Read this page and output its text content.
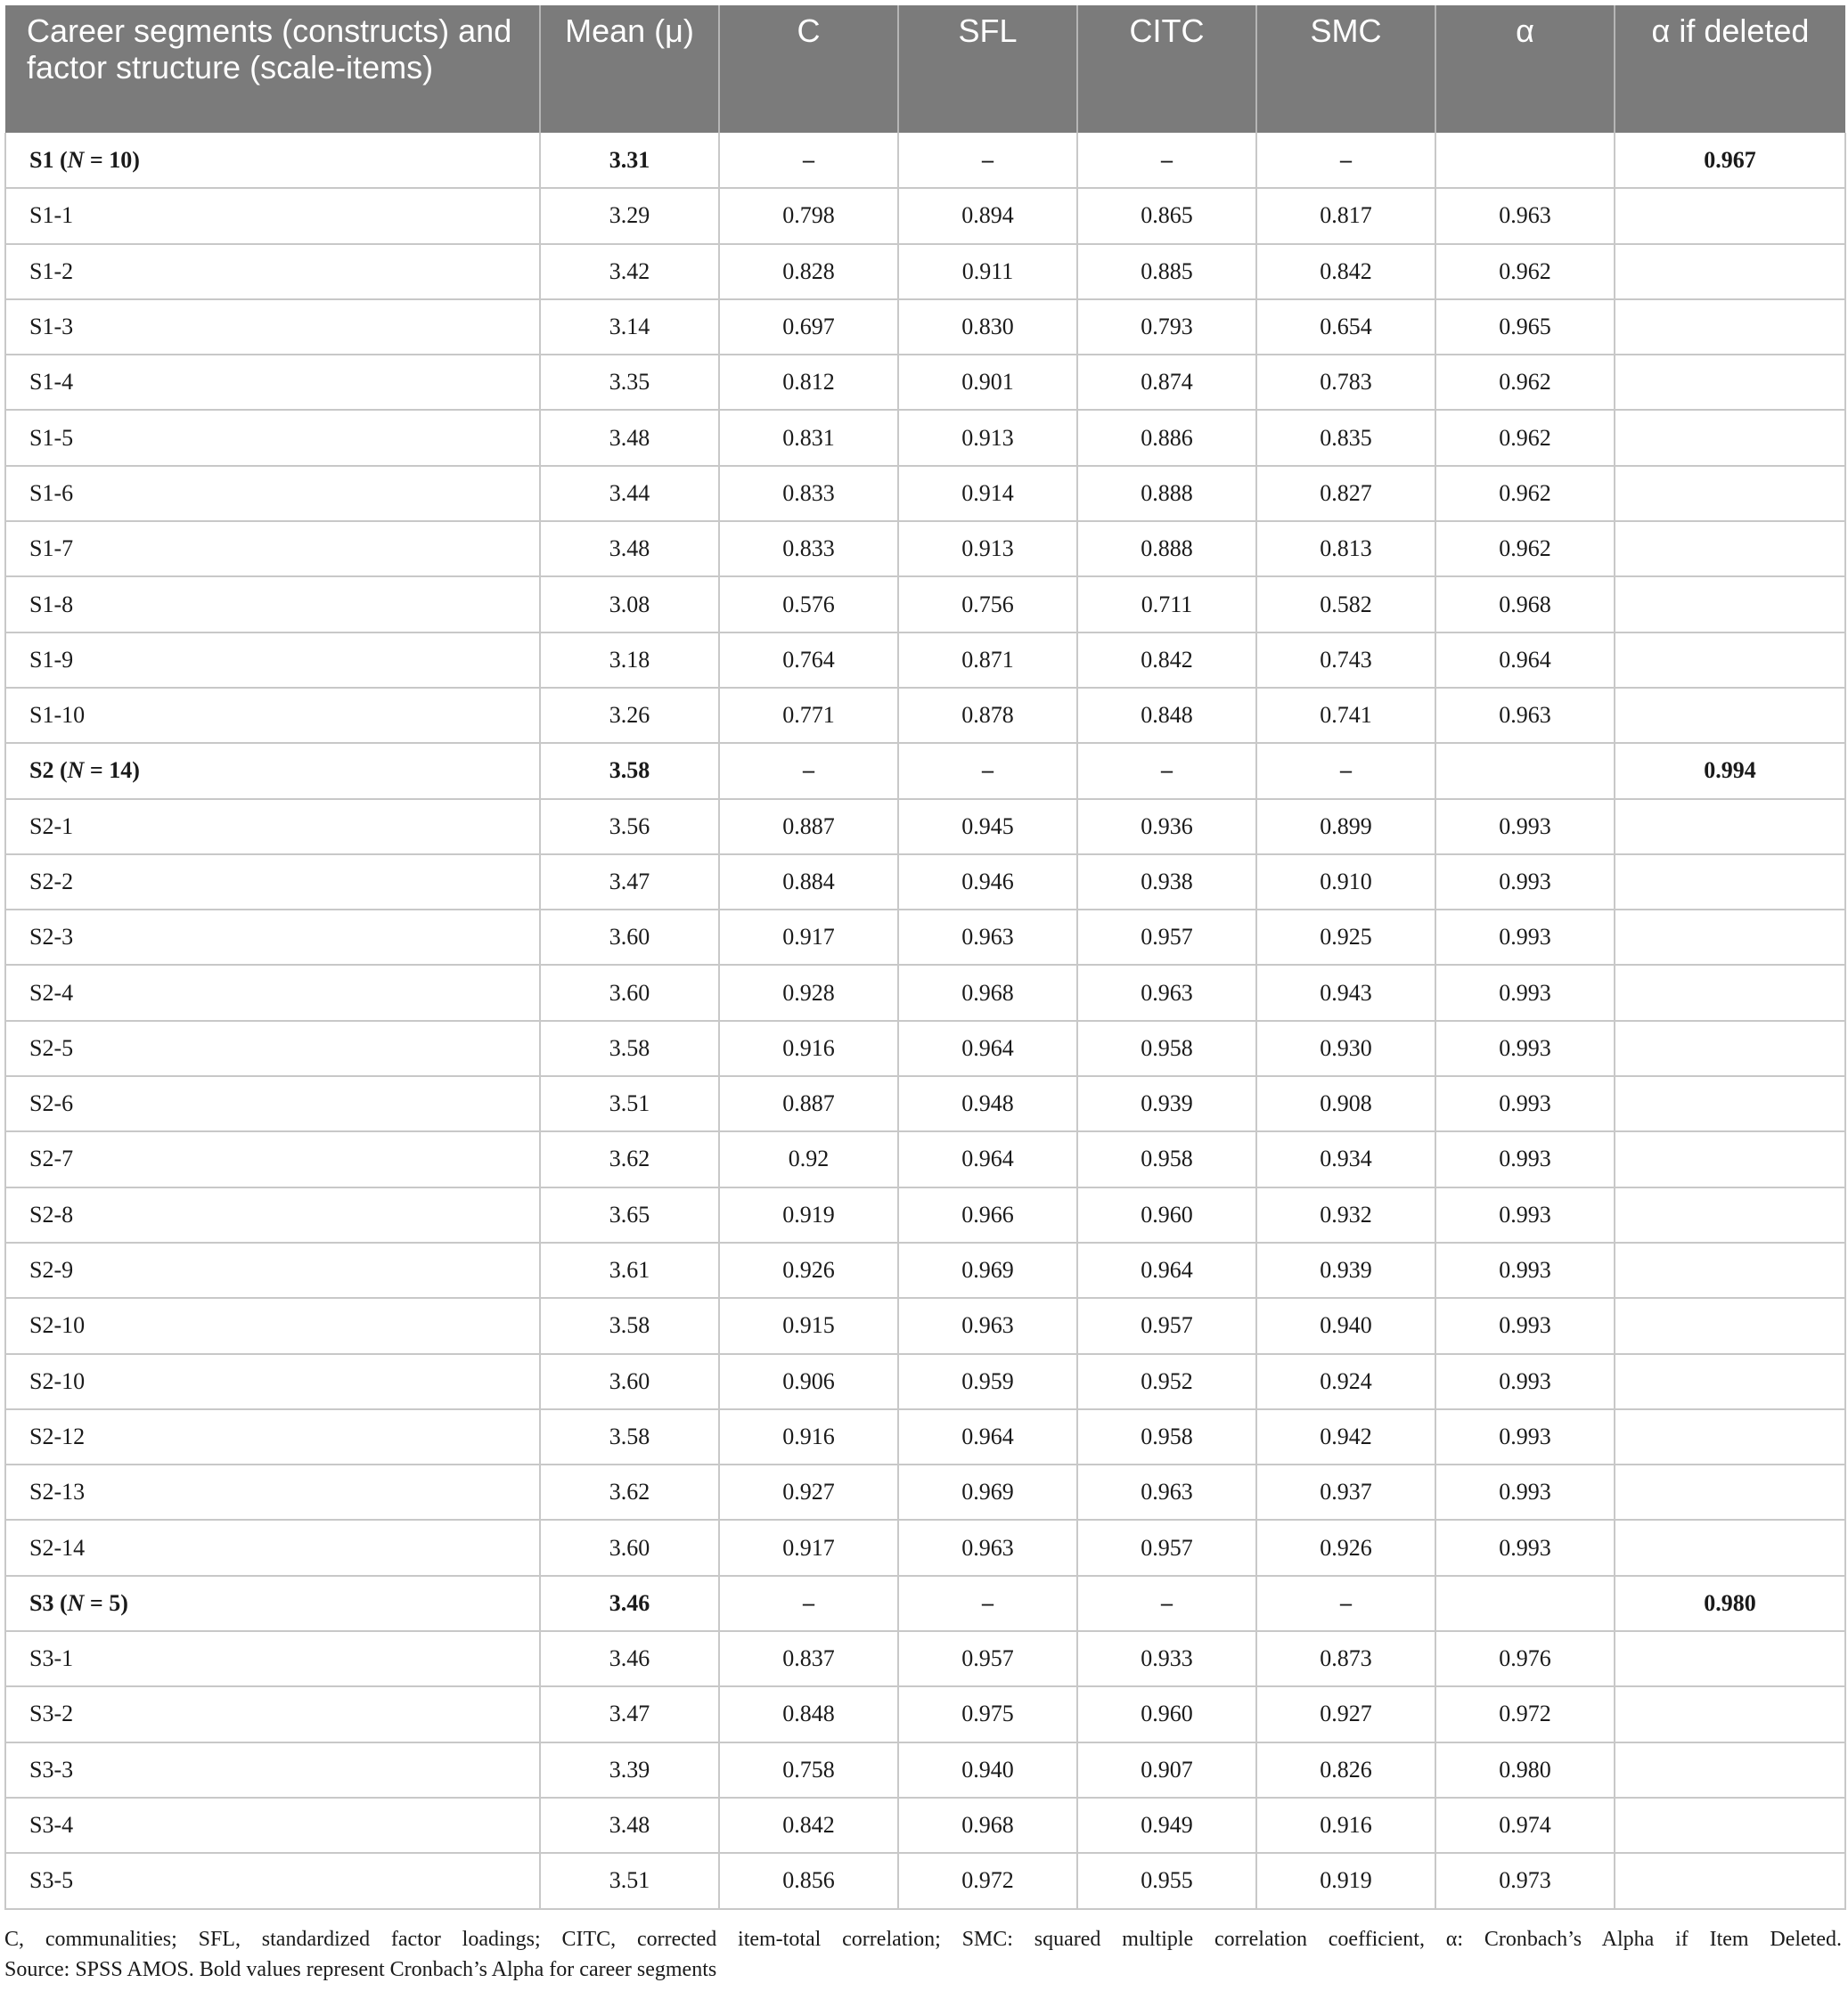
Career segments (constructs) and factor structure (scale-items)	Mean (μ)	C	SFL	CITC	SMC	α	α if deleted
S1 (N = 10)	3.31	–	–	–	–		0.967
S1-1	3.29	0.798	0.894	0.865	0.817	0.963	
S1-2	3.42	0.828	0.911	0.885	0.842	0.962	
S1-3	3.14	0.697	0.830	0.793	0.654	0.965	
S1-4	3.35	0.812	0.901	0.874	0.783	0.962	
S1-5	3.48	0.831	0.913	0.886	0.835	0.962	
S1-6	3.44	0.833	0.914	0.888	0.827	0.962	
S1-7	3.48	0.833	0.913	0.888	0.813	0.962	
S1-8	3.08	0.576	0.756	0.711	0.582	0.968	
S1-9	3.18	0.764	0.871	0.842	0.743	0.964	
S1-10	3.26	0.771	0.878	0.848	0.741	0.963	
S2 (N = 14)	3.58	–	–	–	–		0.994
S2-1	3.56	0.887	0.945	0.936	0.899	0.993	
S2-2	3.47	0.884	0.946	0.938	0.910	0.993	
S2-3	3.60	0.917	0.963	0.957	0.925	0.993	
S2-4	3.60	0.928	0.968	0.963	0.943	0.993	
S2-5	3.58	0.916	0.964	0.958	0.930	0.993	
S2-6	3.51	0.887	0.948	0.939	0.908	0.993	
S2-7	3.62	0.92	0.964	0.958	0.934	0.993	
S2-8	3.65	0.919	0.966	0.960	0.932	0.993	
S2-9	3.61	0.926	0.969	0.964	0.939	0.993	
S2-10	3.58	0.915	0.963	0.957	0.940	0.993	
S2-10	3.60	0.906	0.959	0.952	0.924	0.993	
S2-12	3.58	0.916	0.964	0.958	0.942	0.993	
S2-13	3.62	0.927	0.969	0.963	0.937	0.993	
S2-14	3.60	0.917	0.963	0.957	0.926	0.993	
S3 (N = 5)	3.46	–	–	–	–		0.980
S3-1	3.46	0.837	0.957	0.933	0.873	0.976	
S3-2	3.47	0.848	0.975	0.960	0.927	0.972	
S3-3	3.39	0.758	0.940	0.907	0.826	0.980	
S3-4	3.48	0.842	0.968	0.949	0.916	0.974	
S3-5	3.51	0.856	0.972	0.955	0.919	0.973	
C, communalities; SFL, standardized factor loadings; CITC, corrected item-total correlation; SMC: squared multiple correlation coefficient, α: Cronbach’s Alpha if Item Deleted.
Source: SPSS AMOS. Bold values represent Cronbach’s Alpha for career segments
